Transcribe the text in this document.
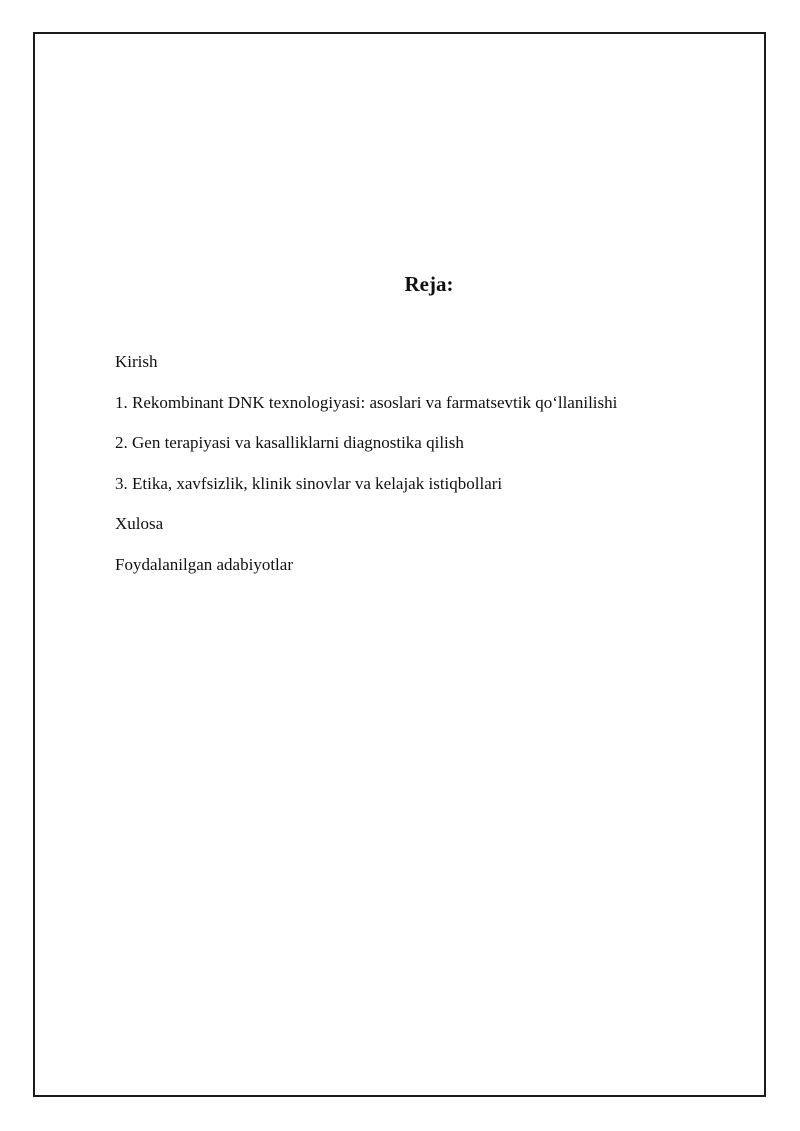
Reja:
Kirish
1. Rekombinant DNK texnologiyasi: asoslari va farmatsevtik qo‘llanilishi
2. Gen terapiyasi va kasalliklarni diagnostika qilish
3. Etika, xavfsizlik, klinik sinovlar va kelajak istiqbollari
Xulosa
Foydalanilgan adabiyotlar
